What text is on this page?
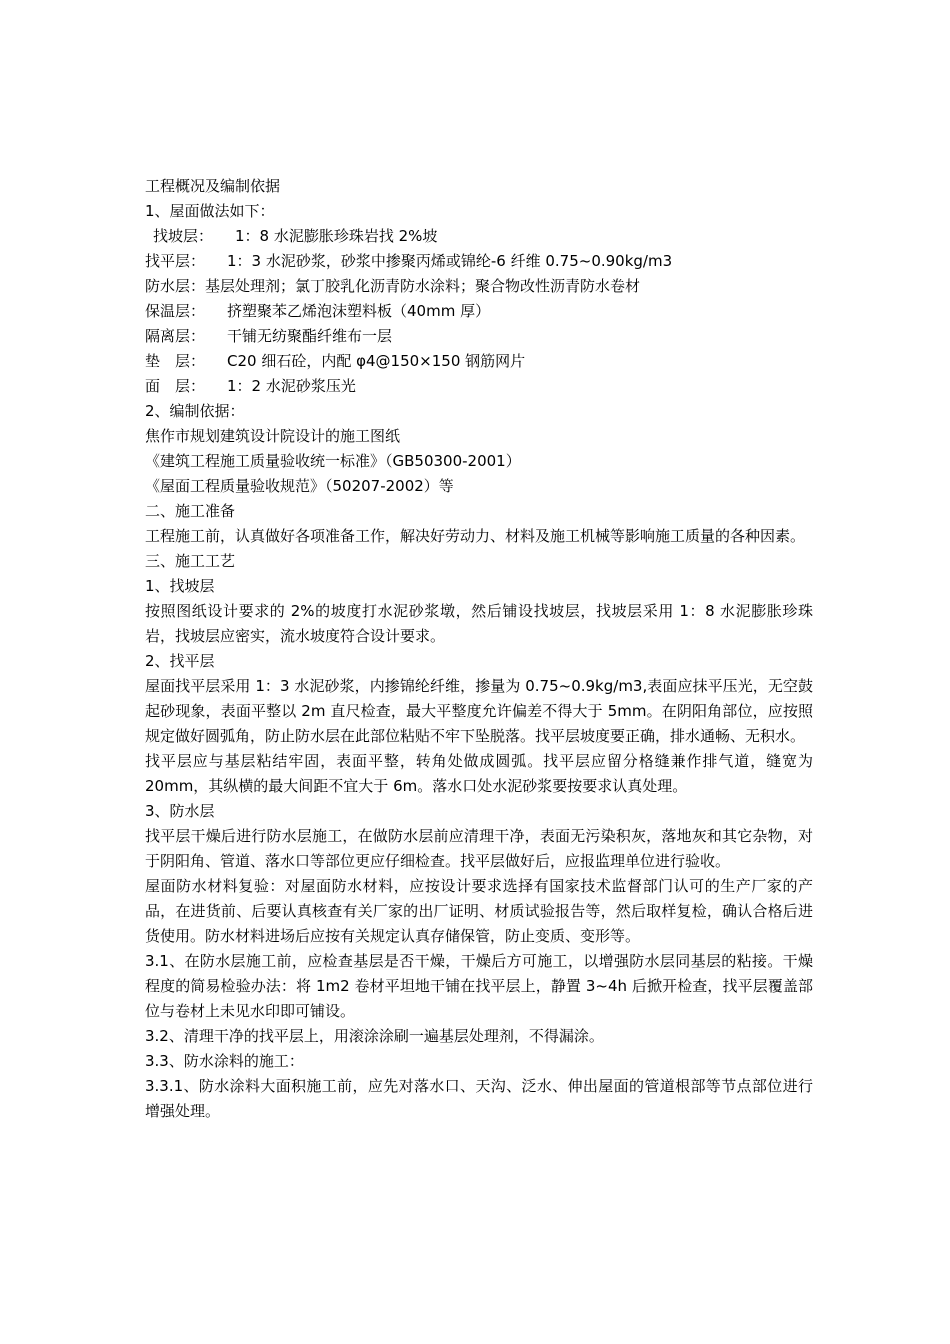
工程概况及编制依据
1、屋面做法如下：
找坡层：	1：8 水泥膨胀珍珠岩找 2%坡
找平层：	1：3 水泥砂浆，砂浆中掺聚丙烯或锦纶-6 纤维 0.75~0.90kg/m3
防水层： 基层处理剂；氯丁胶乳化沥青防水涂料；聚合物改性沥青防水卷材
保温层：	挤塑聚苯乙烯泡沫塑料板（40mm 厚）
隔离层：	干铺无纺聚酯纤维布一层
垫　层：	C20 细石砼，内配 φ4@150×150 钢筋网片
面　层：	1：2 水泥砂浆压光
2、编制依据：
焦作市规划建筑设计院设计的施工图纸
《建筑工程施工质量验收统一标准》（GB50300-2001）
《屋面工程质量验收规范》（50207-2002）等
二、施工准备
工程施工前，认真做好各项准备工作，解决好劳动力、材料及施工机械等影响施工质量的各种因素。
三、施工工艺
1、找坡层
按照图纸设计要求的 2%的坡度打水泥砂浆墩，然后铺设找坡层，找坡层采用 1：8 水泥膨胀珍珠岩，找坡层应密实，流水坡度符合设计要求。
2、找平层
屋面找平层采用 1：3 水泥砂浆，内掺锦纶纤维，掺量为 0.75~0.9kg/m3,表面应抹平压光，无空鼓起砂现象，表面平整以 2m 直尺检查，最大平整度允许偏差不得大于 5mm。在阴阳角部位，应按照规定做好圆弧角，防止防水层在此部位粘贴不牢下坠脱落。找平层坡度要正确，排水通畅、无积水。
找平层应与基层粘结牢固，表面平整，转角处做成圆弧。找平层应留分格缝兼作排气道，缝宽为 20mm，其纵横的最大间距不宜大于 6m。落水口处水泥砂浆要按要求认真处理。
3、防水层
找平层干燥后进行防水层施工，在做防水层前应清理干净，表面无污染积灰，落地灰和其它杂物，对于阴阳角、管道、落水口等部位更应仔细检查。找平层做好后，应报监理单位进行验收。
屋面防水材料复验：对屋面防水材料，应按设计要求选择有国家技术监督部门认可的生产厂家的产品，在进货前、后要认真核查有关厂家的出厂证明、材质试验报告等，然后取样复检，确认合格后进货使用。防水材料进场后应按有关规定认真存储保管，防止变质、变形等。
3.1、在防水层施工前，应检查基层是否干燥，干燥后方可施工，以增强防水层同基层的粘接。干燥程度的简易检验办法：将 1m2 卷材平坦地干铺在找平层上，静置 3~4h 后掀开检查，找平层覆盖部位与卷材上未见水印即可铺设。
3.2、清理干净的找平层上，用滚涂涂刷一遍基层处理剂，不得漏涂。
3.3、防水涂料的施工：
3.3.1、防水涂料大面积施工前，应先对落水口、天沟、泛水、伸出屋面的管道根部等节点部位进行增强处理。
